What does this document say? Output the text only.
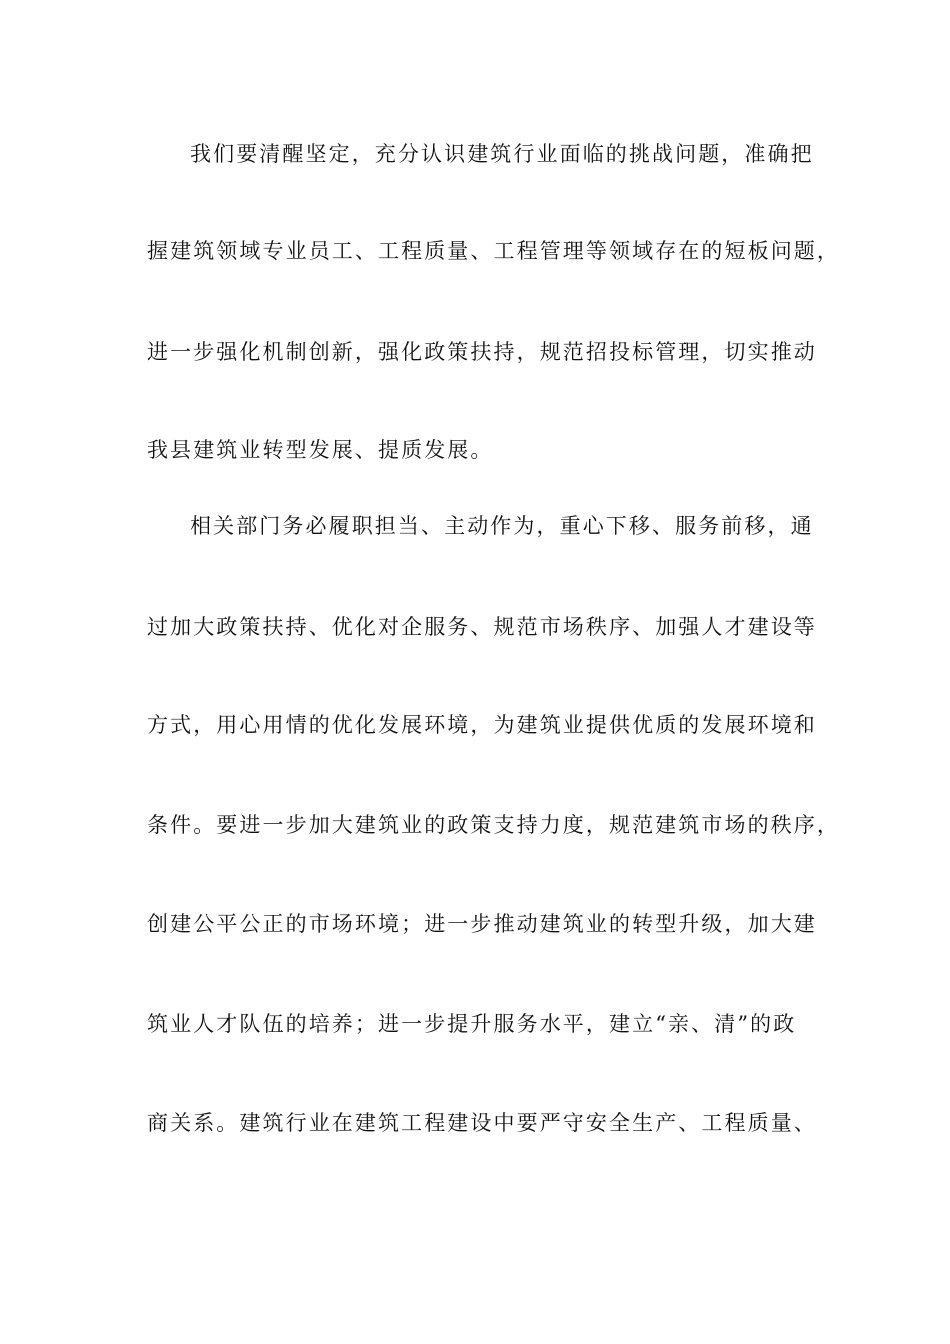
我们要清醒坚定，充分认识建筑行业面临的挑战问题，准确把
握建筑领域专业员工、工程质量、工程管理等领域存在的短板问题，
进一步强化机制创新，强化政策扶持，规范招投标管理，切实推动
我县建筑业转型发展、提质发展。
相关部门务必履职担当、主动作为，重心下移、服务前移，通
过加大政策扶持、优化对企服务、规范市场秩序、加强人才建设等
方式，用心用情的优化发展环境，为建筑业提供优质的发展环境和
条件。要进一步加大建筑业的政策支持力度，规范建筑市场的秩序，
创建公平公正的市场环境；进一步推动建筑业的转型升级，加大建
筑业人才队伍的培养；进一步提升服务水平，建立“亲、清”的政
商关系。建筑行业在建筑工程建设中要严守安全生产、工程质量、
